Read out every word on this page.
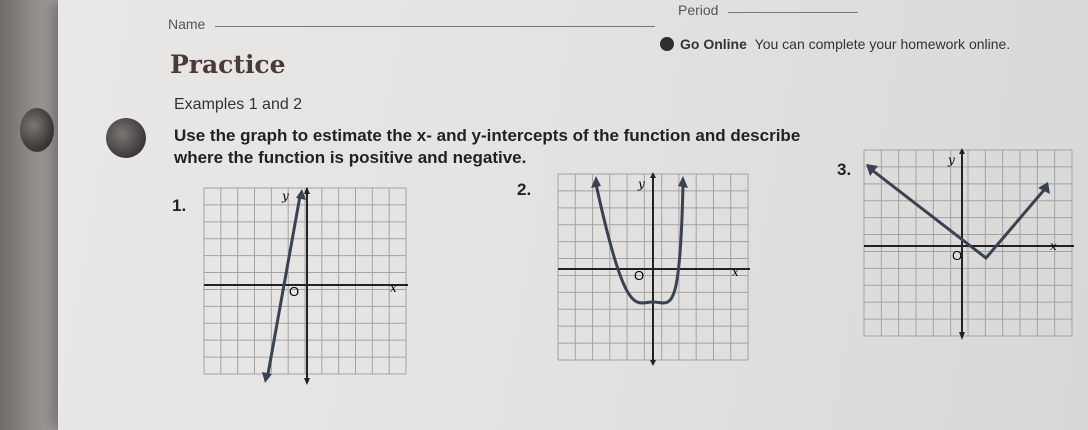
Name
Period
Practice
Go Online You can complete your homework online.
Examples 1 and 2
Use the graph to estimate the x- and y-intercepts of the function and describe
where the function is positive and negative.
1.	y
x
O
2.	y
x
O
3.	y
x
O
